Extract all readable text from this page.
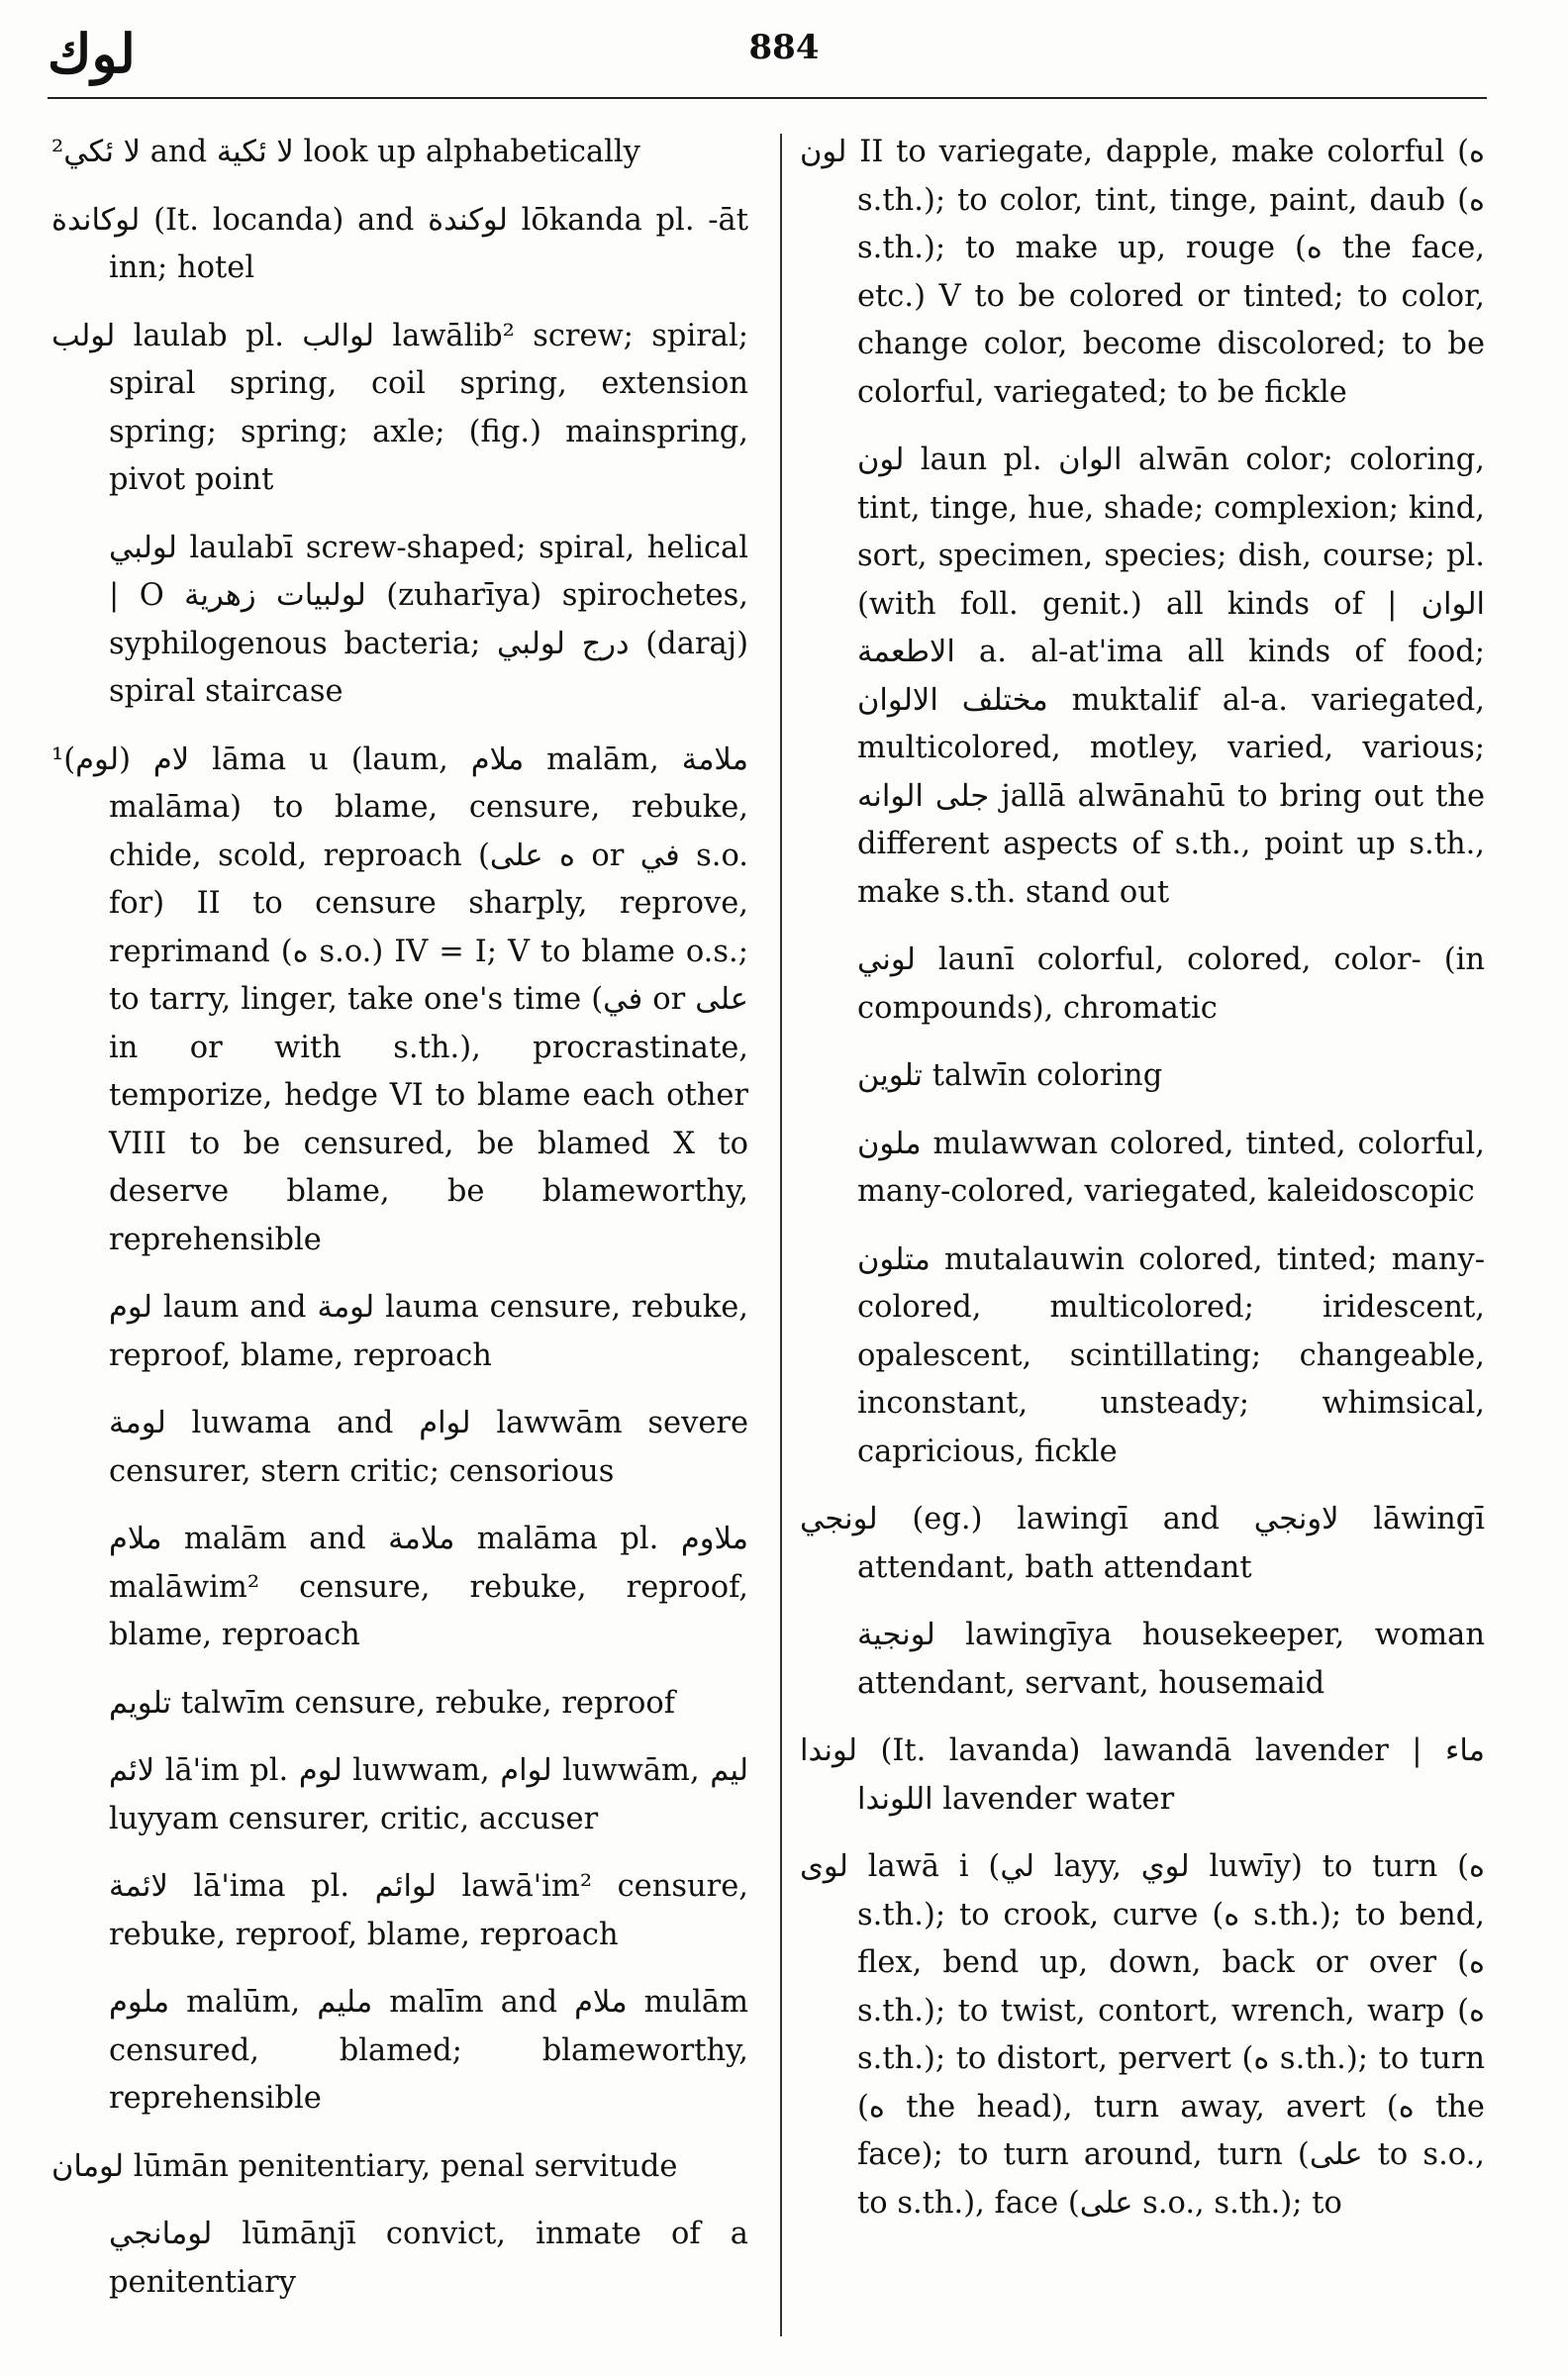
لوك	884

²لا ئكي and لا ئكية look up alphabetically

لوكاندة (It. locanda) and لوكندة lōkanda pl. -āt inn; hotel

لولب laulab pl. لوالب lawālib² screw; spiral; spiral spring, coil spring, extension spring; spring; axle; (fig.) mainspring, pivot point

لولبي laulabī screw-shaped; spiral, helical | O لولبيات زهرية (zuharīya) spirochetes, syphilogenous bacteria; درج لولبي (daraj) spiral staircase

¹(لوم) لام lāma u (laum, ملام malām, ملامة malāma) to blame, censure, rebuke, chide, scold, reproach (ه على or في s.o. for) II to censure sharply, reprove, reprimand (ه s.o.) IV = I; V to blame o.s.; to tarry, linger, take one's time (في or على in or with s.th.), procrastinate, temporize, hedge VI to blame each other VIII to be censured, be blamed X to deserve blame, be blameworthy, reprehensible

لوم laum and لومة lauma censure, rebuke, reproof, blame, reproach

لومة luwama and لوام lawwām severe censurer, stern critic; censorious

ملام malām and ملامة malāma pl. ملاوم malāwim² censure, rebuke, reproof, blame, reproach

تلويم talwīm censure, rebuke, reproof

لائم lā'im pl. لوم luwwam, لوام luwwām, ليم luyyam censurer, critic, accuser

لائمة lā'ima pl. لوائم lawā'im² censure, rebuke, reproof, blame, reproach

ملوم malūm, مليم malīm and ملام mulām censured, blamed; blameworthy, reprehensible

لومان lūmān penitentiary, penal servitude

لومانجي lūmānjī convict, inmate of a penitentiary

لون II to variegate, dapple, make colorful (ه s.th.); to color, tint, tinge, paint, daub (ه s.th.); to make up, rouge (ه the face, etc.) V to be colored or tinted; to color, change color, become discolored; to be colorful, variegated; to be fickle

لون laun pl. الوان alwān color; coloring, tint, tinge, hue, shade; complexion; kind, sort, specimen, species; dish, course; pl. (with foll. genit.) all kinds of | الوان الاطعمة a. al-at'ima all kinds of food; مختلف الالوان muktalif al-a. variegated, multicolored, motley, varied, various; جلى الوانه jallā alwānahū to bring out the different aspects of s.th., point up s.th., make s.th. stand out

لوني launī colorful, colored, color- (in compounds), chromatic

تلوين talwīn coloring

ملون mulawwan colored, tinted, colorful, many-colored, variegated, kaleidoscopic

متلون mutalauwin colored, tinted; many-colored, multicolored; iridescent, opalescent, scintillating; changeable, inconstant, unsteady; whimsical, capricious, fickle

لونجي (eg.) lawingī and لاونجي lāwingī attendant, bath attendant

لونجية lawingīya housekeeper, woman attendant, servant, housemaid

لوندا (It. lavanda) lawandā lavender | ماء اللوندا lavender water

لوى lawā i (لي layy, لوي luwīy) to turn (ه s.th.); to crook, curve (ه s.th.); to bend, flex, bend up, down, back or over (ه s.th.); to twist, contort, wrench, warp (ه s.th.); to distort, pervert (ه s.th.); to turn (ه the head), turn away, avert (ه the face); to turn around, turn (على to s.o., to s.th.), face (على s.o., s.th.); to
